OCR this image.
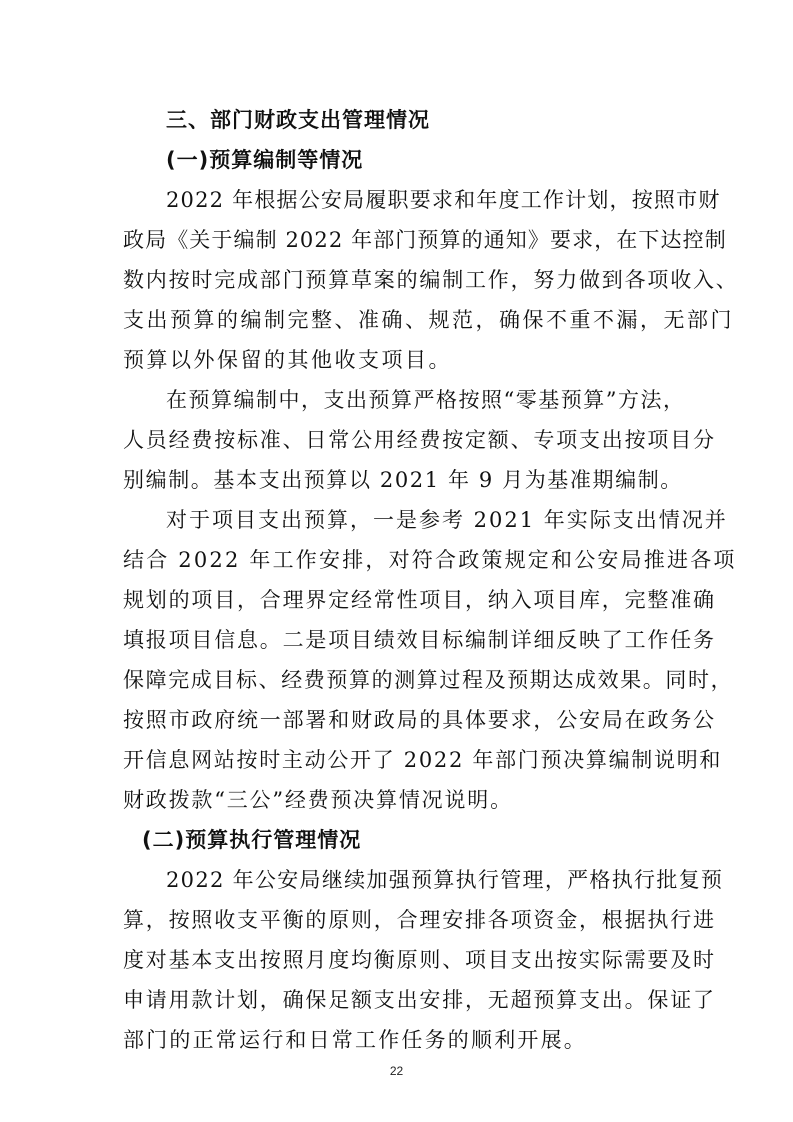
三、部门财政支出管理情况
(一)预算编制等情况
2022 年根据公安局履职要求和年度工作计划，按照市财
政局《关于编制 2022 年部门预算的通知》要求，在下达控制
数内按时完成部门预算草案的编制工作，努力做到各项收入、
支出预算的编制完整、准确、规范，确保不重不漏，无部门
预算以外保留的其他收支项目。
在预算编制中，支出预算严格按照“零基预算”方法，
人员经费按标准、日常公用经费按定额、专项支出按项目分
别编制。基本支出预算以 2021 年 9 月为基准期编制。
对于项目支出预算，一是参考 2021 年实际支出情况并
结合 2022 年工作安排，对符合政策规定和公安局推进各项
规划的项目，合理界定经常性项目，纳入项目库，完整准确
填报项目信息。二是项目绩效目标编制详细反映了工作任务
保障完成目标、经费预算的测算过程及预期达成效果。同时，
按照市政府统一部署和财政局的具体要求，公安局在政务公
开信息网站按时主动公开了 2022 年部门预决算编制说明和
财政拨款“三公”经费预决算情况说明。
(二)预算执行管理情况
2022 年公安局继续加强预算执行管理，严格执行批复预
算，按照收支平衡的原则，合理安排各项资金，根据执行进
度对基本支出按照月度均衡原则、项目支出按实际需要及时
申请用款计划，确保足额支出安排，无超预算支出。保证了
部门的正常运行和日常工作任务的顺利开展。
22
